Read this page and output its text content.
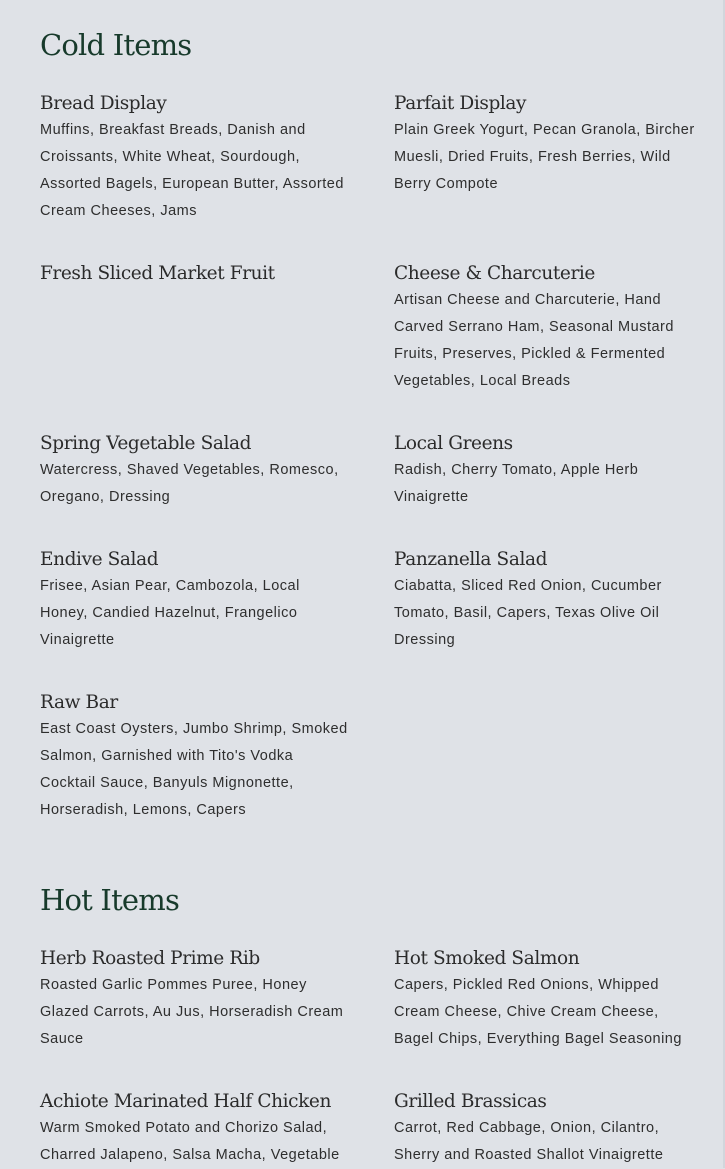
Cold Items
Bread Display

Muffins, Breakfast Breads, Danish and Croissants, White Wheat, Sourdough, Assorted Bagels, European Butter, Assorted Cream Cheeses, Jams

Parfait Display

Plain Greek Yogurt, Pecan Granola, Bircher Muesli, Dried Fruits, Fresh Berries, Wild Berry Compote

Fresh Sliced Market Fruit	Cheese & Charcuterie

Artisan Cheese and Charcuterie, Hand Carved Serrano Ham, Seasonal Mustard Fruits, Preserves, Pickled & Fermented Vegetables, Local Breads

Spring Vegetable Salad

Watercress, Shaved Vegetables, Romesco, Oregano, Dressing

Local Greens

Radish, Cherry Tomato, Apple Herb Vinaigrette

Endive Salad

Frisee, Asian Pear, Cambozola, Local Honey, Candied Hazelnut, Frangelico Vinaigrette

Panzanella Salad

Ciabatta, Sliced Red Onion, Cucumber Tomato, Basil, Capers, Texas Olive Oil Dressing

Raw Bar

East Coast Oysters, Jumbo Shrimp, Smoked Salmon, Garnished with Tito's Vodka Cocktail Sauce, Banyuls Mignonette, Horseradish, Lemons, Capers

Hot Items
Herb Roasted Prime Rib

Roasted Garlic Pommes Puree, Honey Glazed Carrots, Au Jus, Horseradish Cream Sauce

Hot Smoked Salmon

Capers, Pickled Red Onions, Whipped Cream Cheese, Chive Cream Cheese, Bagel Chips, Everything Bagel Seasoning

Achiote Marinated Half Chicken

Warm Smoked Potato and Chorizo Salad, Charred Jalapeno, Salsa Macha, Vegetable

Grilled Brassicas

Carrot, Red Cabbage, Onion, Cilantro, Sherry and Roasted Shallot Vinaigrette
